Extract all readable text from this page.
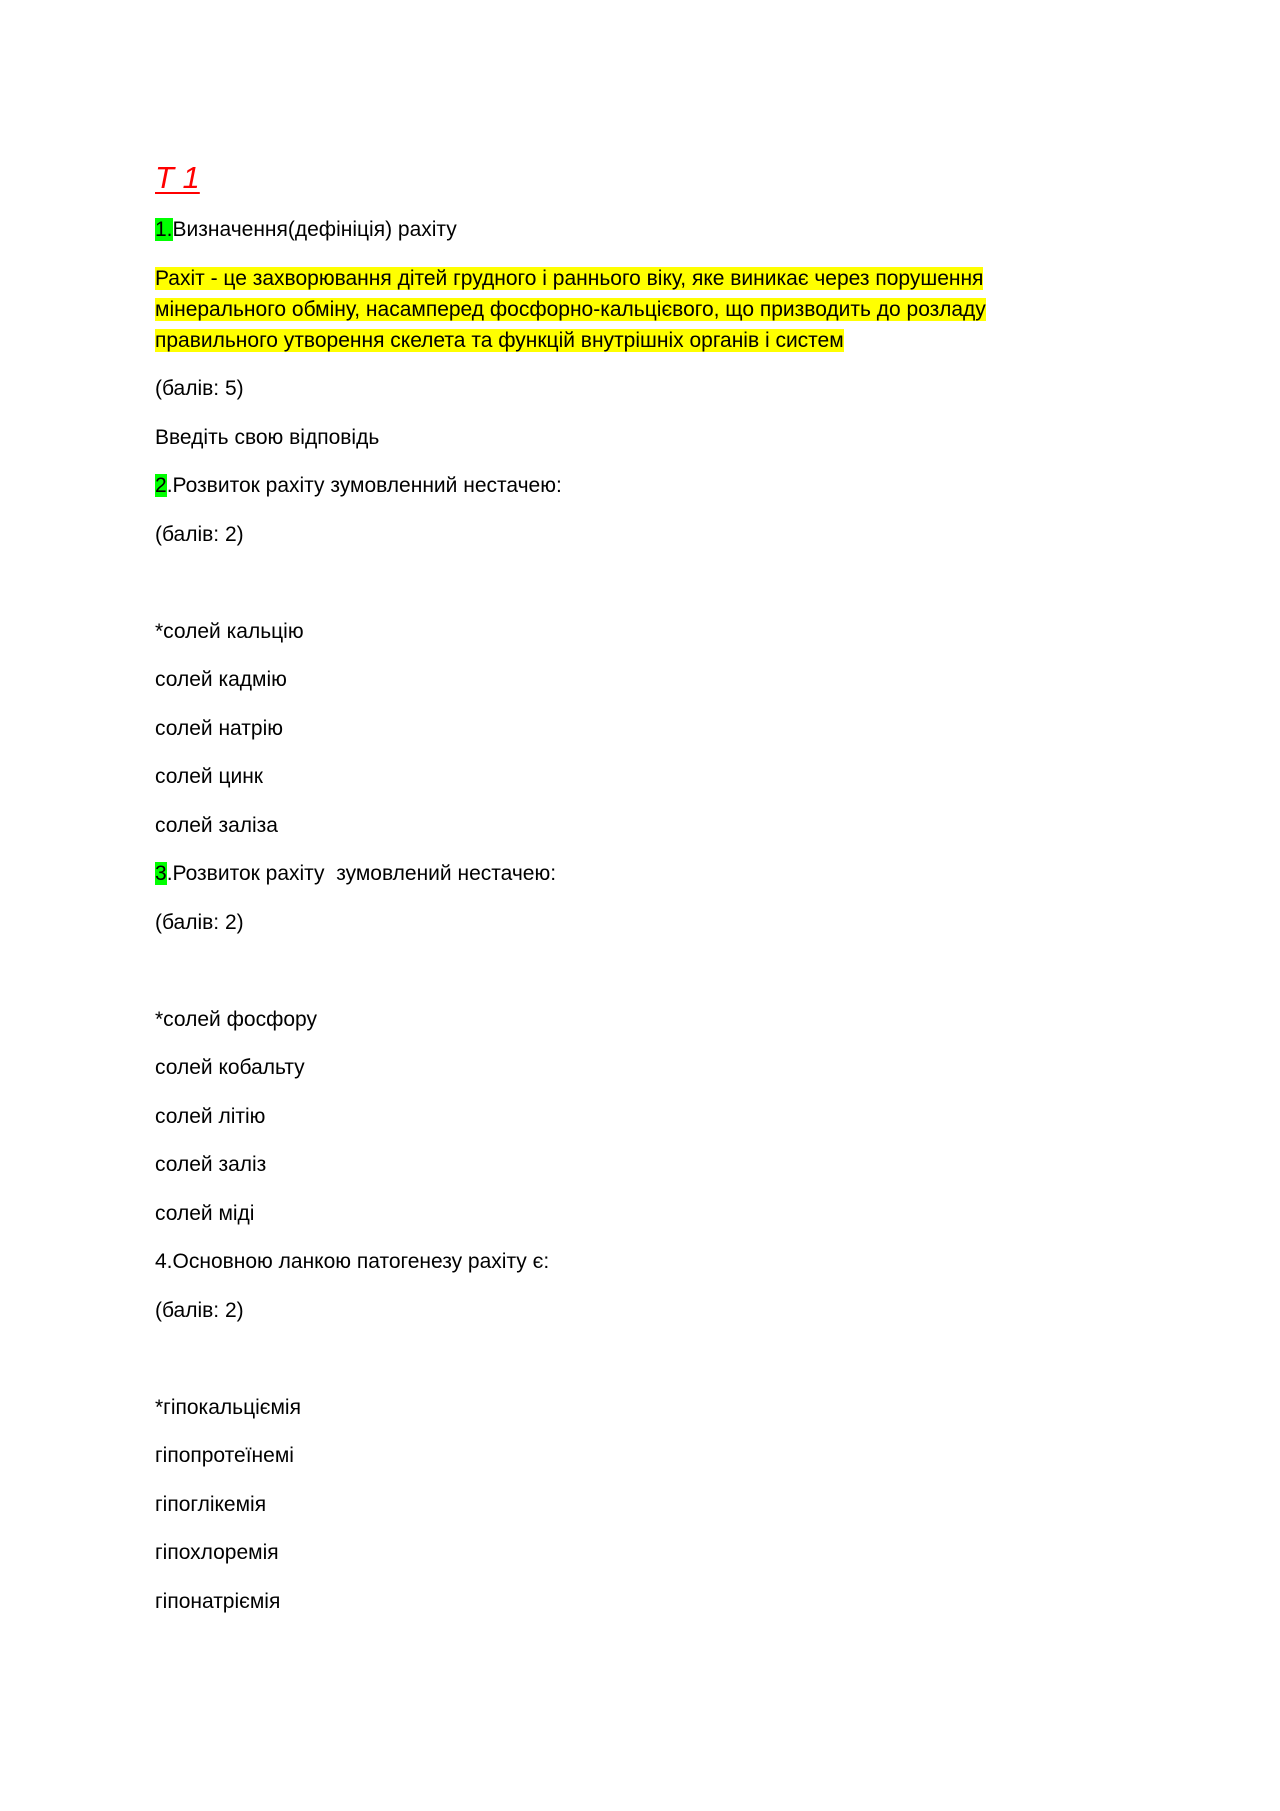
Т 1
1.Визначення(дефініція) рахіту
Рахіт - це захворювання дітей грудного і раннього віку, яке виникає через порушення
мінерального обміну, насамперед фосфорно-кальцієвого, що призводить до розладу
правильного утворення скелета та функцій внутрішніх органів і систем
(балів: 5)
Введіть свою відповідь
2.Розвиток рахіту зумовленний нестачею:
(балів: 2)
*солей кальцію
солей кадмію
солей натрію
солей цинк
солей заліза
3.Розвиток рахіту  зумовлений нестачею:
(балів: 2)
*солей фосфору
солей кобальту
солей літію
солей заліз
солей міді
4.Основною ланкою патогенезу рахіту є:
(балів: 2)
*гіпокальціємія
гіпопротеїнемі
гіпоглікемія
гіпохлоремія
гіпонатріємія
